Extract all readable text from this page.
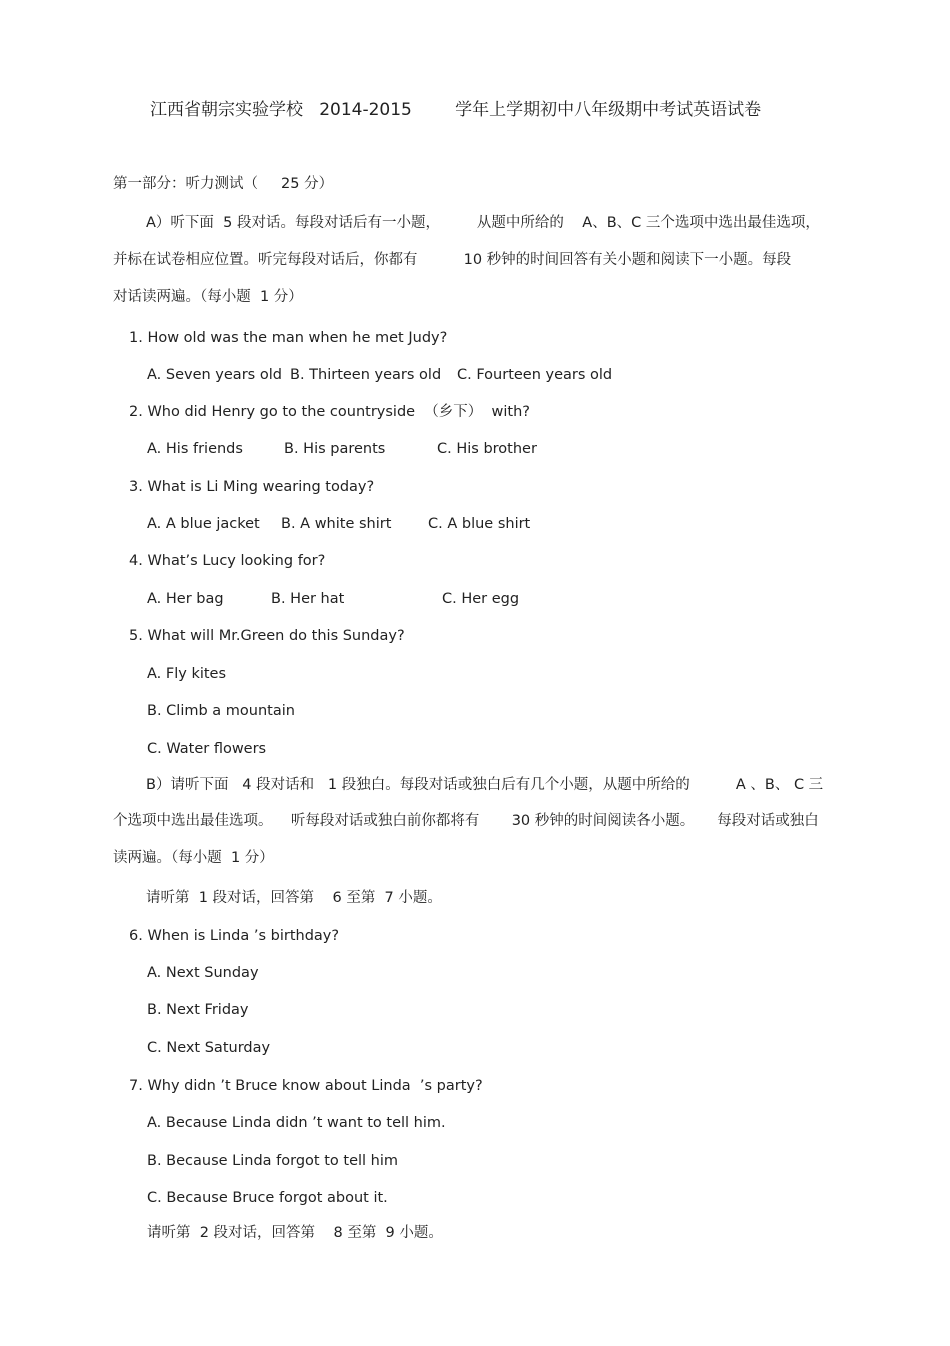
江西省朝宗实验学校   2014-2015        学年上学期初中八年级期中考试英语试卷
第一部分：听力测试（     25 分）
A）听下面  5 段对话。每段对话后有一小题，        从题中所给的    A、B、C 三个选项中选出最佳选项，
并标在试卷相应位置。听完每段对话后，你都有          10 秒钟的时间回答有关小题和阅读下一小题。每段
对话读两遍。（每小题  1 分）
1. How old was the man when he met Judy?
A. Seven years old B. Thirteen years old C. Fourteen years old
2. Who did Henry go to the countryside  （乡下）  with?
A. His friends	B. His parents	C. His brother
3. What is Li Ming wearing today?
A. A blue jacket B. A white shirt	C. A blue shirt
4. What’s Lucy looking for?
A. Her bag	B. Her hat	C. Her egg
5. What will Mr.Green do this Sunday?
A. Fly kites
B. Climb a mountain
C. Water flowers
B）请听下面   4 段对话和   1 段独白。每段对话或独白后有几个小题，从题中所给的          A 、B、 C 三
个选项中选出最佳选项。    听每段对话或独白前你都将有       30 秒钟的时间阅读各小题。     每段对话或独白
读两遍。（每小题  1 分）
请听第  1 段对话，回答第    6 至第  7 小题。
6. When is Linda ’s birthday?
A. Next Sunday
B. Next Friday
C. Next Saturday
7. Why didn ’t Bruce know about Linda  ’s party?
A. Because Linda didn ’t want to tell him.
B. Because Linda forgot to tell him
C. Because Bruce forgot about it.
请听第  2 段对话，回答第    8 至第  9 小题。
